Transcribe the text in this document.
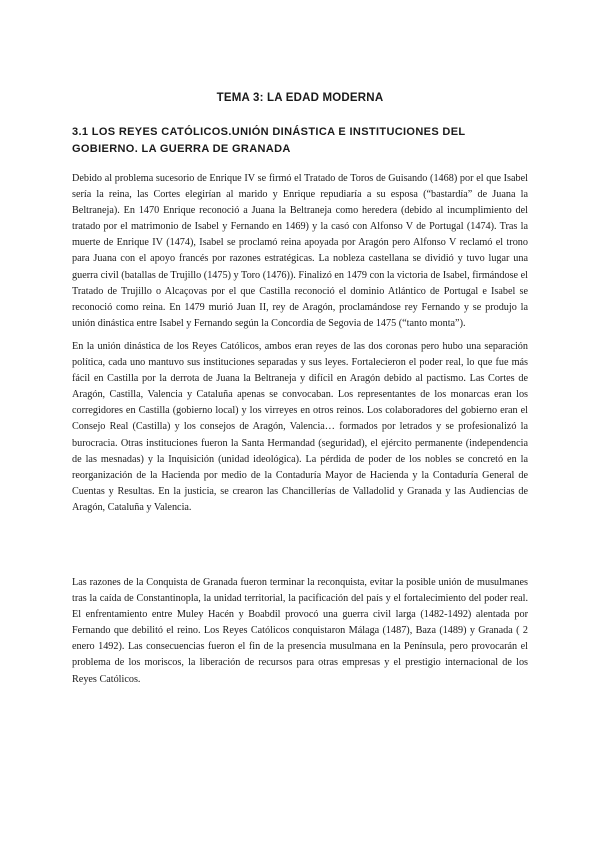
TEMA 3: LA EDAD MODERNA
3.1 LOS REYES CATÓLICOS.UNIÓN DINÁSTICA E INSTITUCIONES DEL GOBIERNO. LA GUERRA DE GRANADA

Debido al problema sucesorio de Enrique IV se firmó el Tratado de Toros de Guisando (1468) por el que Isabel sería la reina, las Cortes elegirían al marido y Enrique repudiaría a su esposa (“bastardía” de Juana la Beltraneja). En 1470 Enrique reconoció a Juana la Beltraneja como heredera (debido al incumplimiento del tratado por el matrimonio de Isabel y Fernando en 1469) y la casó con Alfonso V de Portugal (1474). Tras la muerte de Enrique IV (1474), Isabel se proclamó reina apoyada por Aragón pero Alfonso V reclamó el trono para Juana con el apoyo francés por razones estratégicas. La nobleza castellana se dividió y tuvo lugar una guerra civil (batallas de Trujillo (1475) y Toro (1476)). Finalizó en 1479 con la victoria de Isabel, firmándose el Tratado de Trujillo o Alcaçovas por el que Castilla reconoció el dominio Atlántico de Portugal e Isabel se reconoció como reina. En 1479 murió Juan II, rey de Aragón, proclamándose rey Fernando y se produjo la unión dinástica entre Isabel y Fernando según la Concordia de Segovia de 1475 (“tanto monta”).

En la unión dinástica de los Reyes Católicos, ambos eran reyes de las dos coronas pero hubo una separación política, cada uno mantuvo sus instituciones separadas y sus leyes. Fortalecieron el poder real, lo que fue más fácil en Castilla por la derrota de Juana la Beltraneja y difícil en Aragón debido al pactismo. Las Cortes de Aragón, Castilla, Valencia y Cataluña apenas se convocaban. Los representantes de los monarcas eran los corregidores en Castilla (gobierno local) y los virreyes en otros reinos. Los colaboradores del gobierno eran el Consejo Real (Castilla) y los consejos de Aragón, Valencia… formados por letrados y se profesionalizó la burocracia. Otras instituciones fueron la Santa Hermandad (seguridad), el ejército permanente (independencia de las mesnadas) y la Inquisición (unidad ideológica). La pérdida de poder de los nobles se concretó en la reorganización de la Hacienda por medio de la Contaduría Mayor de Hacienda y la Contaduría General de Cuentas y Resultas. En la justicia, se crearon las Chancillerías de Valladolid y Granada y las Audiencias de Aragón, Cataluña y Valencia.

Las razones de la Conquista de Granada fueron terminar la reconquista, evitar la posible unión de musulmanes tras la caída de Constantinopla, la unidad territorial, la pacificación del país y el fortalecimiento del poder real. El enfrentamiento entre Muley Hacén y Boabdil provocó una guerra civil larga (1482-1492) alentada por Fernando que debilitó el reino. Los Reyes Católicos conquistaron Málaga (1487), Baza (1489) y Granada ( 2 enero 1492). Las consecuencias fueron el fin de la presencia musulmana en la Península, pero provocarán el problema de los moriscos, la liberación de recursos para otras empresas y el prestigio internacional de los Reyes Católicos.
